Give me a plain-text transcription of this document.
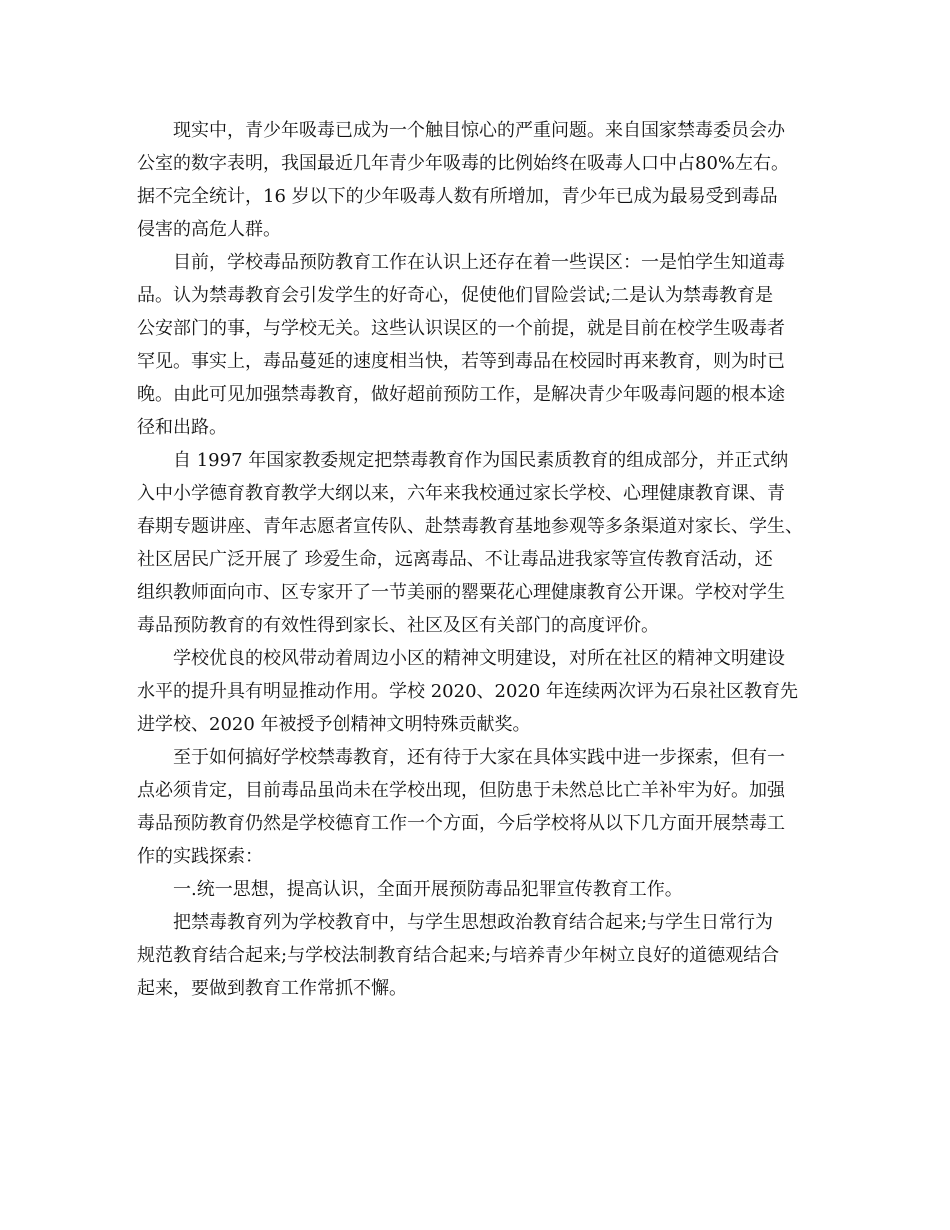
现实中，青少年吸毒已成为一个触目惊心的严重问题。来自国家禁毒委员会办
公室的数字表明，我国最近几年青少年吸毒的比例始终在吸毒人口中占80%左右。
据不完全统计，16 岁以下的少年吸毒人数有所增加，青少年已成为最易受到毒品
侵害的高危人群。
目前，学校毒品预防教育工作在认识上还存在着一些误区：一是怕学生知道毒
品。认为禁毒教育会引发学生的好奇心，促使他们冒险尝试;二是认为禁毒教育是
公安部门的事，与学校无关。这些认识误区的一个前提，就是目前在校学生吸毒者
罕见。事实上，毒品蔓延的速度相当快，若等到毒品在校园时再来教育，则为时已
晚。由此可见加强禁毒教育，做好超前预防工作，是解决青少年吸毒问题的根本途
径和出路。
自 1997 年国家教委规定把禁毒教育作为国民素质教育的组成部分，并正式纳
入中小学德育教育教学大纲以来，六年来我校通过家长学校、心理健康教育课、青
春期专题讲座、青年志愿者宣传队、赴禁毒教育基地参观等多条渠道对家长、学生、
社区居民广泛开展了 珍爱生命，远离毒品、不让毒品进我家等宣传教育活动，还
组织教师面向市、区专家开了一节美丽的罂粟花心理健康教育公开课。学校对学生
毒品预防教育的有效性得到家长、社区及区有关部门的高度评价。
学校优良的校风带动着周边小区的精神文明建设，对所在社区的精神文明建设
水平的提升具有明显推动作用。学校 2020、2020 年连续两次评为石泉社区教育先
进学校、2020 年被授予创精神文明特殊贡献奖。
至于如何搞好学校禁毒教育，还有待于大家在具体实践中进一步探索，但有一
点必须肯定，目前毒品虽尚未在学校出现，但防患于未然总比亡羊补牢为好。加强
毒品预防教育仍然是学校德育工作一个方面，今后学校将从以下几方面开展禁毒工
作的实践探索：
一.统一思想，提高认识，全面开展预防毒品犯罪宣传教育工作。
把禁毒教育列为学校教育中，与学生思想政治教育结合起来;与学生日常行为
规范教育结合起来;与学校法制教育结合起来;与培养青少年树立良好的道德观结合
起来，要做到教育工作常抓不懈。
